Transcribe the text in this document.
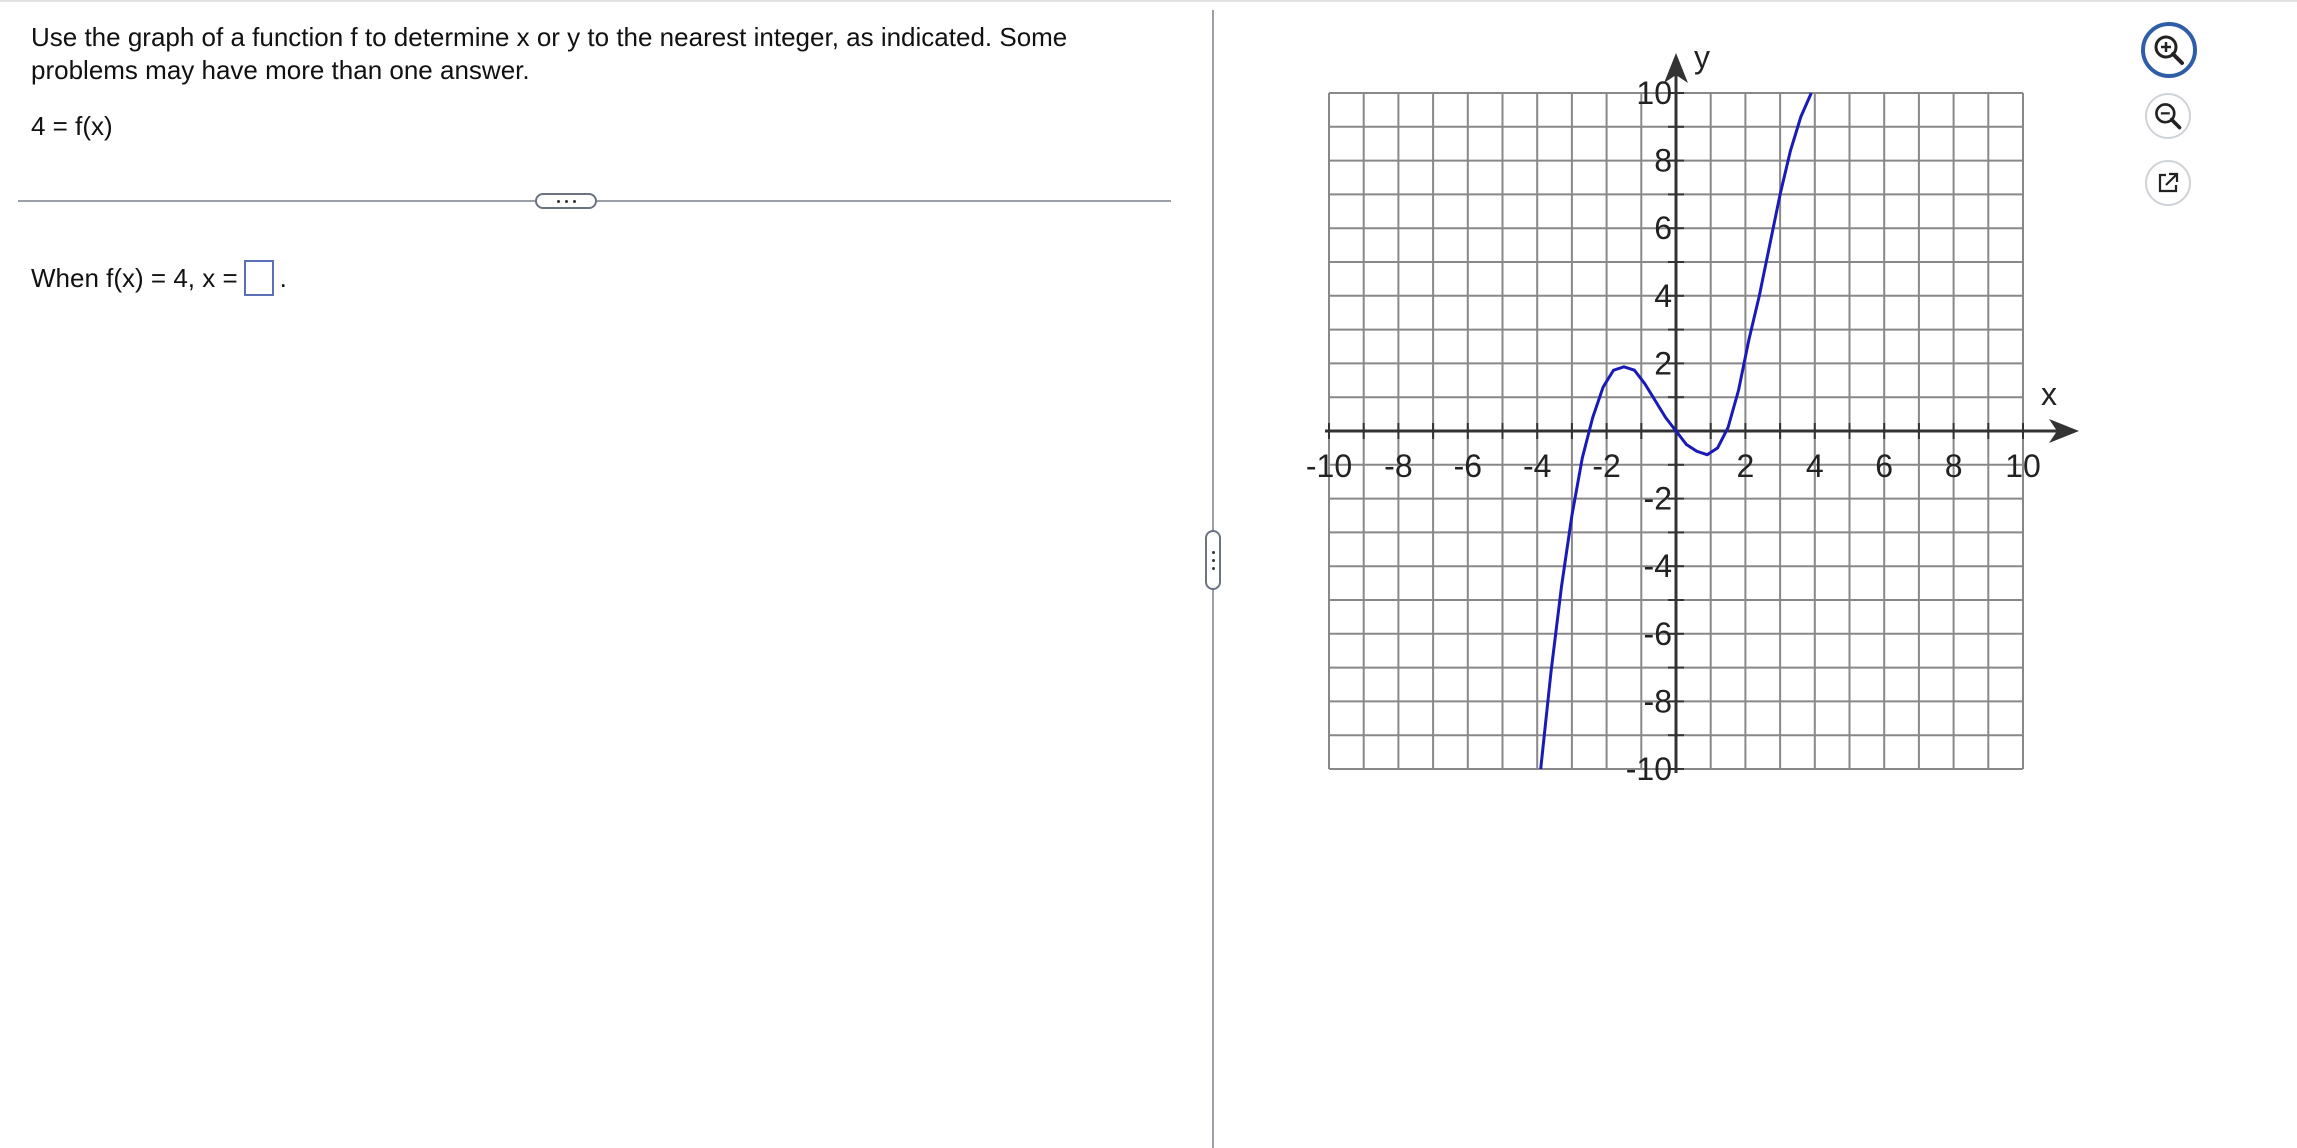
Use the graph of a function f to determine x or y to the nearest integer, as indicated. Some problems may have more than one answer.

4 = f(x)

When f(x) = 4, x = .
-10 -8 -6 -4 -2	2 4 6 8 10
10
8
6
4
2
-2
-4
-6
-8
-10
x
y
